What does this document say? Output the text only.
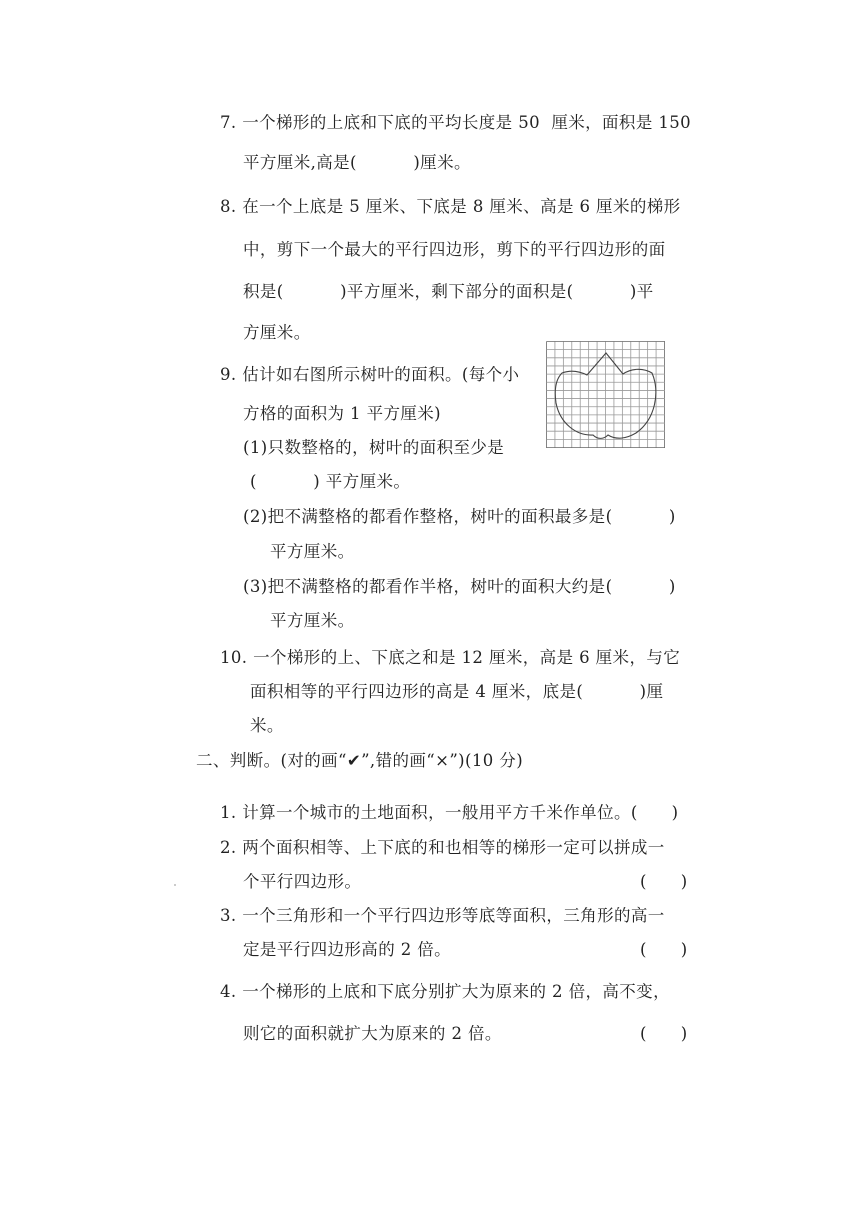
7. 一个梯形的上底和下底的平均长度是 50  厘米，面积是 150
平方厘米,高是(          )厘米。
8. 在一个上底是 5 厘米、下底是 8 厘米、高是 6 厘米的梯形
中，剪下一个最大的平行四边形，剪下的平行四边形的面
积是(          )平方厘米，剩下部分的面积是(          )平
方厘米。
9. 估计如右图所示树叶的面积。(每个小
方格的面积为 1 平方厘米)
(1)只数整格的，树叶的面积至少是
(          ) 平方厘米。
(2)把不满整格的都看作整格，树叶的面积最多是(          )
平方厘米。
(3)把不满整格的都看作半格，树叶的面积大约是(          )
平方厘米。
10. 一个梯形的上、下底之和是 12 厘米，高是 6 厘米，与它
面积相等的平行四边形的高是 4 厘米，底是(          )厘
米。
二、判断。(对的画“✔”,错的画“×”)(10 分)
1. 计算一个城市的土地面积，一般用平方千米作单位。(      )
2. 两个面积相等、上下底的和也相等的梯形一定可以拼成一
个平行四边形。	(      )
3. 一个三角形和一个平行四边形等底等面积，三角形的高一
定是平行四边形高的 2 倍。	(      )
4. 一个梯形的上底和下底分别扩大为原来的 2 倍，高不变，
则它的面积就扩大为原来的 2 倍。	(      )
